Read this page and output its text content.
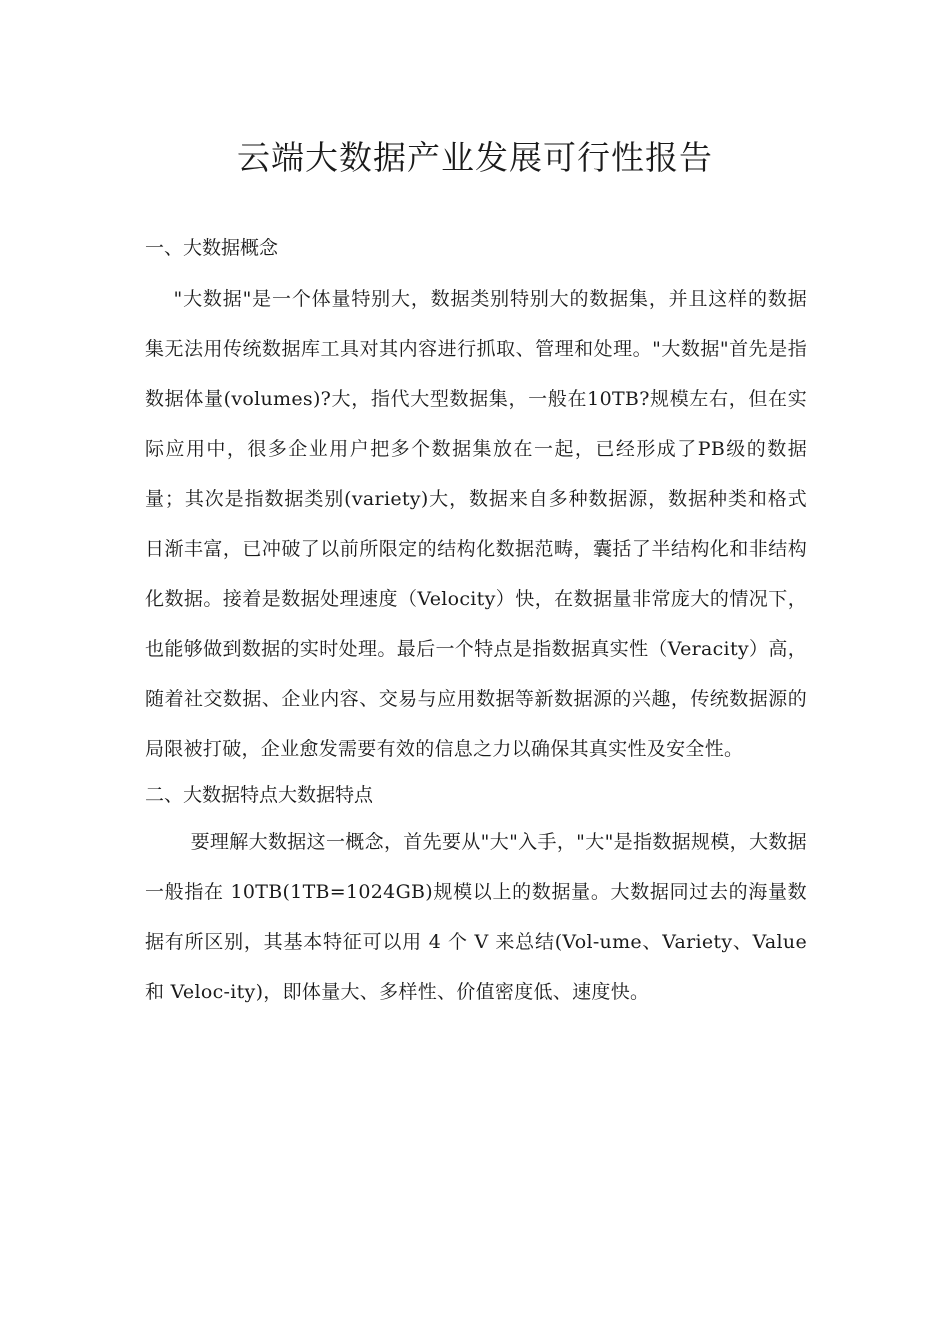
云端大数据产业发展可行性报告
一、大数据概念

"大数据"是一个体量特别大，数据类别特别大的数据集，并且这样的数据集无法用传统数据库工具对其内容进行抓取、管理和处理。"大数据"首先是指数据体量(volumes)?大，指代大型数据集，一般在10TB?规模左右，但在实际应用中，很多企业用户把多个数据集放在一起，已经形成了PB级的数据量；其次是指数据类别(variety)大，数据来自多种数据源，数据种类和格式日渐丰富，已冲破了以前所限定的结构化数据范畴，囊括了半结构化和非结构化数据。接着是数据处理速度（Velocity）快，在数据量非常庞大的情况下，也能够做到数据的实时处理。最后一个特点是指数据真实性（Veracity）高，随着社交数据、企业内容、交易与应用数据等新数据源的兴趣，传统数据源的局限被打破，企业愈发需要有效的信息之力以确保其真实性及安全性。

二、大数据特点大数据特点

要理解大数据这一概念，首先要从"大"入手，"大"是指数据规模，大数据一般指在 10TB(1TB=1024GB)规模以上的数据量。大数据同过去的海量数据有所区别，其基本特征可以用 4 个 V 来总结(Vol-ume、Variety、Value 和 Veloc-ity)，即体量大、多样性、价值密度低、速度快。
